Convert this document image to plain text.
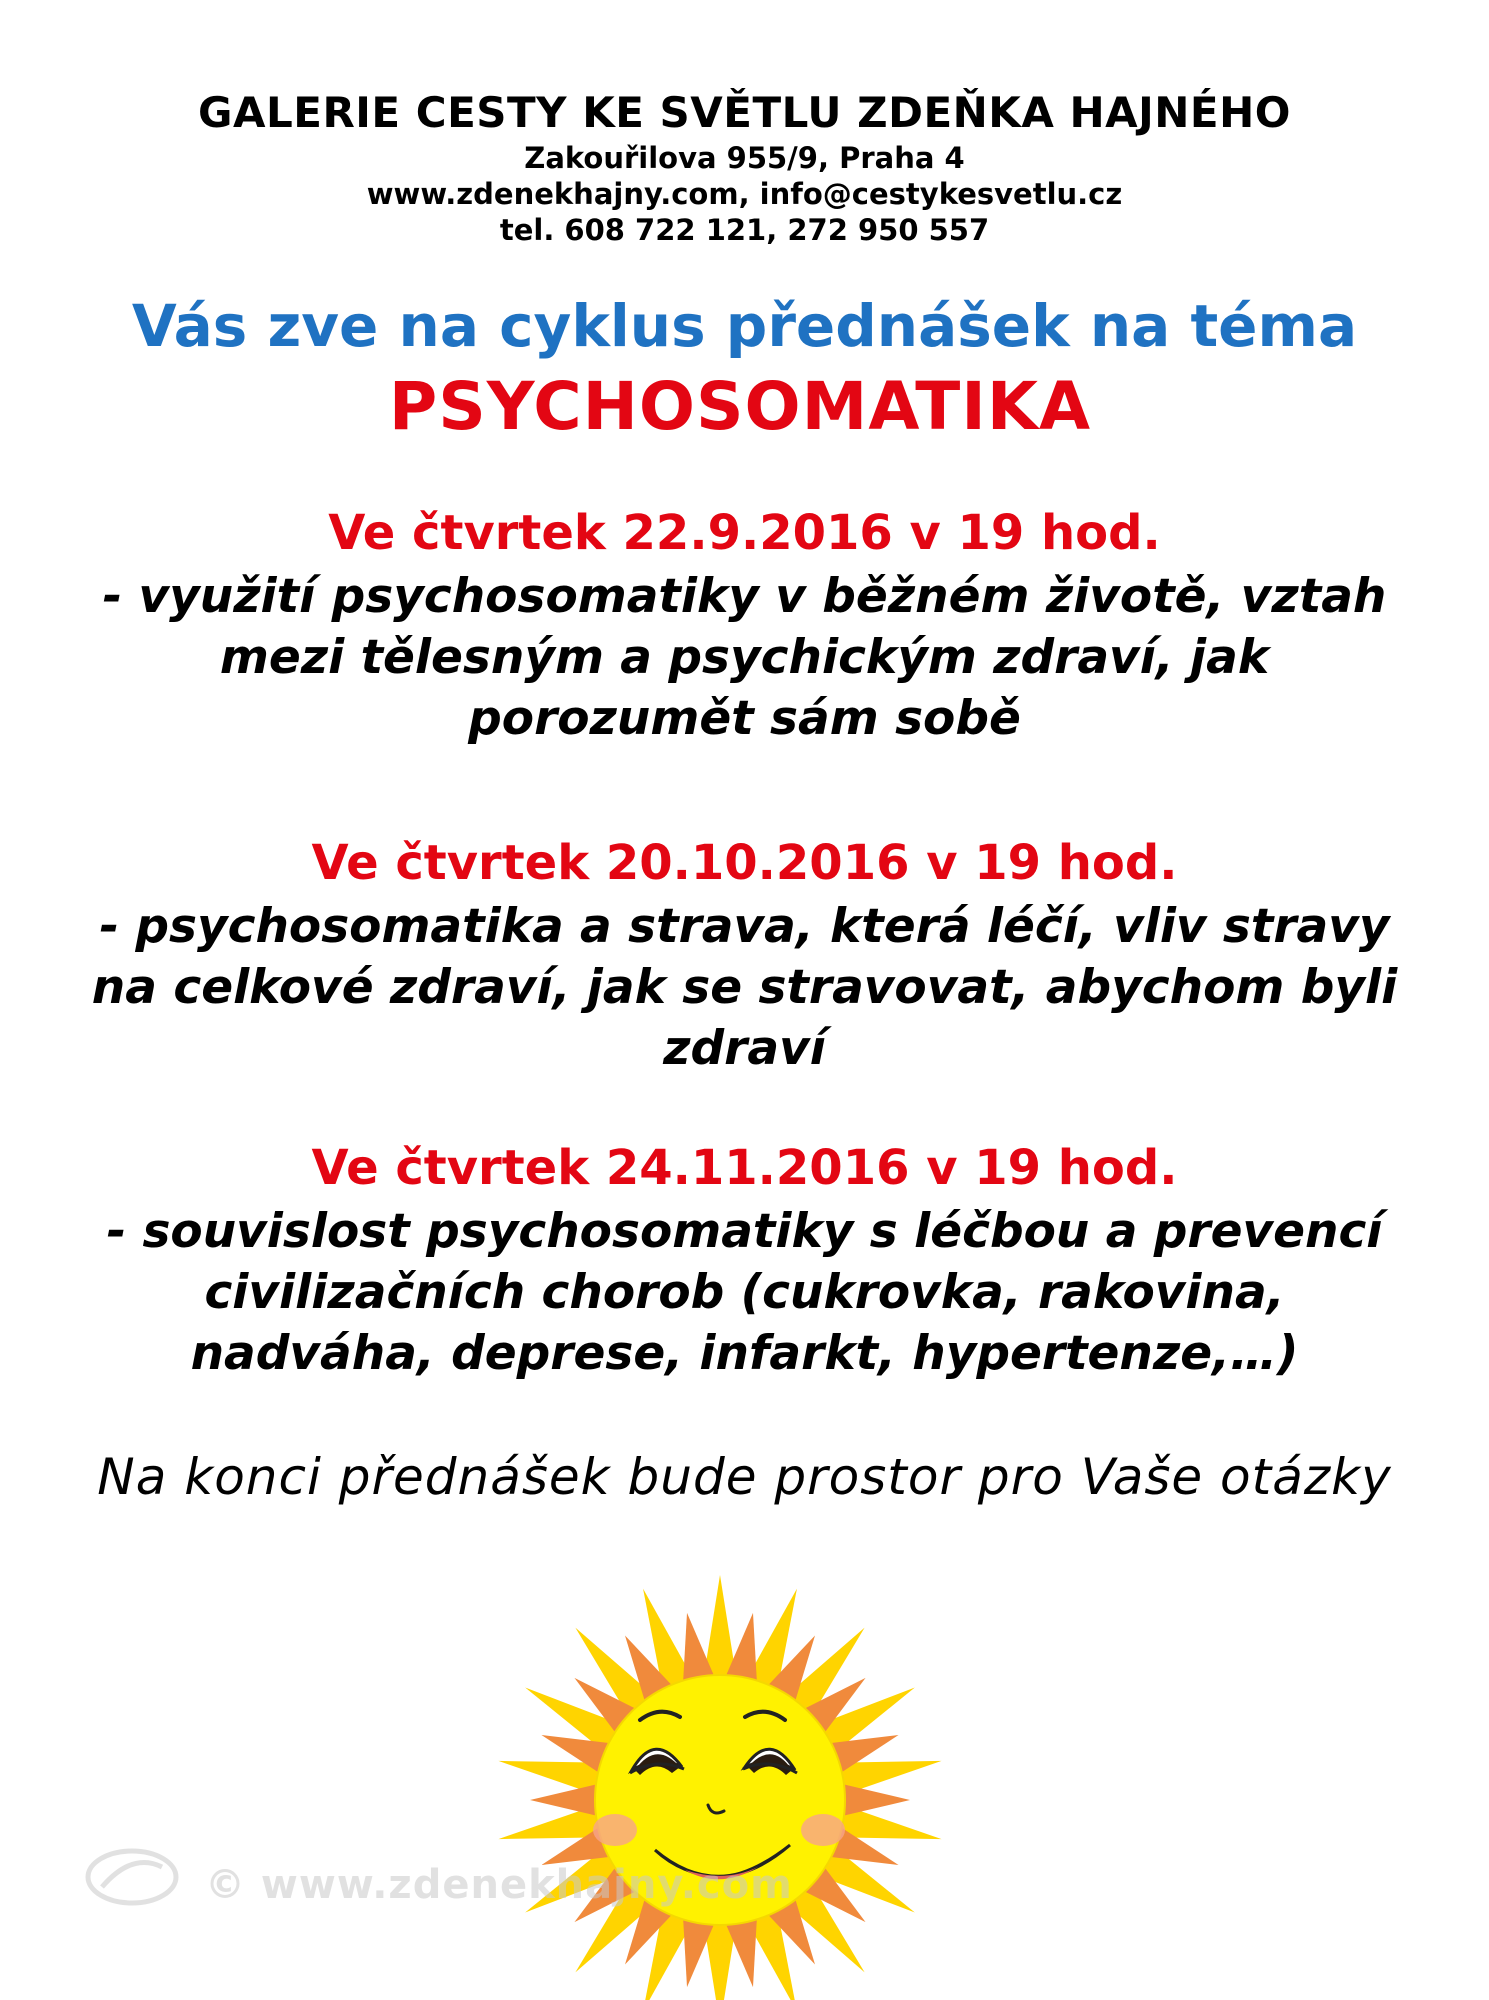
GALERIE CESTY KE SVĚTLU ZDEŇKA HAJNÉHO
Zakouřilova 955/9, Praha 4
www.zdenekhajny.com, info@cestykesvetlu.cz
tel. 608 722 121, 272 950 557
Vás zve na cyklus přednášek na téma
PSYCHOSOMATIKA
Ve čtvrtek 22.9.2016 v 19 hod.
- využití psychosomatiky v běžném životě, vztah
mezi tělesným a psychickým zdraví, jak
porozumět sám sobě
Ve čtvrtek 20.10.2016 v 19 hod.
- psychosomatika a strava, která léčí, vliv stravy
na celkové zdraví, jak se stravovat, abychom byli
zdraví
Ve čtvrtek 24.11.2016 v 19 hod.
- souvislost psychosomatiky s léčbou a prevencí
civilizačních chorob (cukrovka, rakovina,
nadváha, deprese, infarkt, hypertenze,…)
Na konci přednášek bude prostor pro Vaše otázky
© www.zdenekhajny.com
